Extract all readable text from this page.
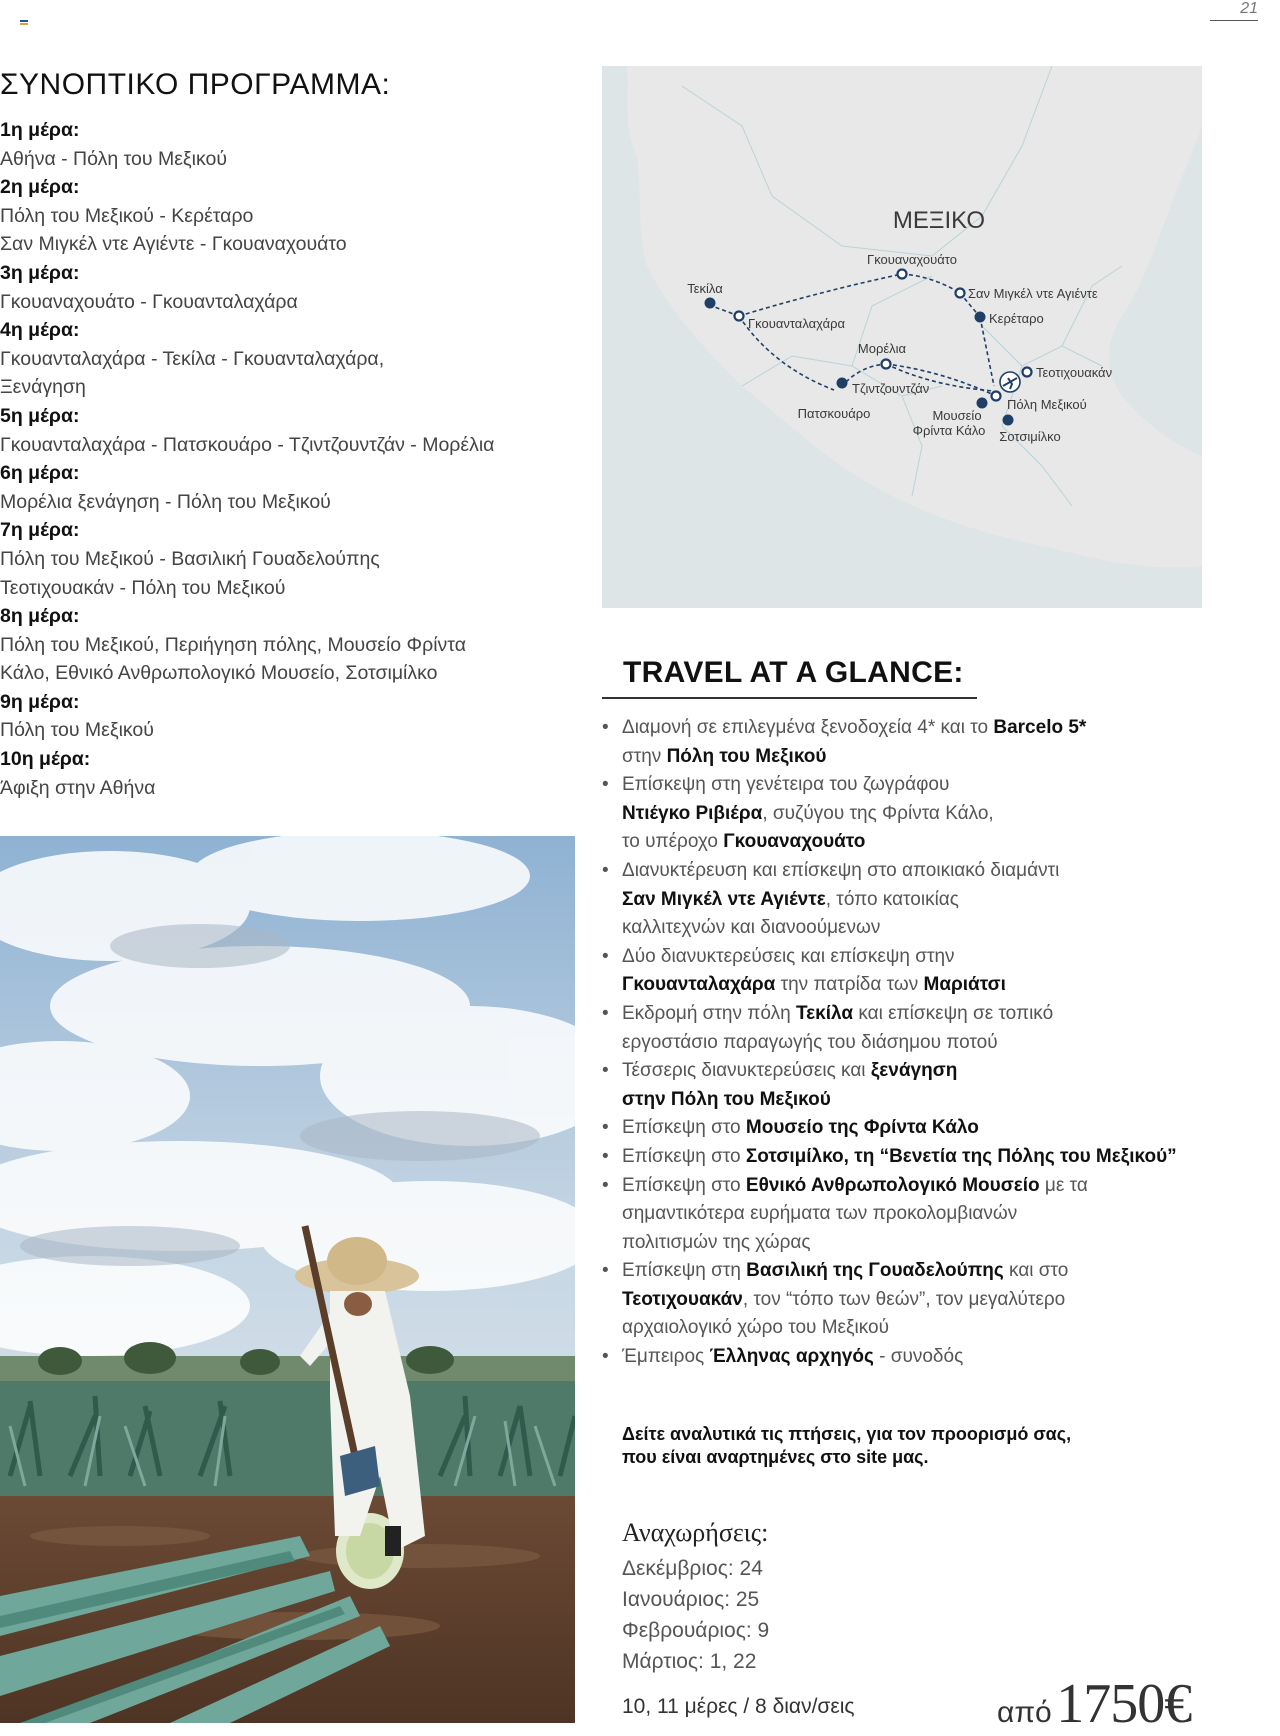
21
ΣΥΝΟΠΤΙΚΟ ΠΡΟΓΡΑΜΜΑ:
1η μέρα:
Αθήνα - Πόλη του Μεξικού
2η μέρα:
Πόλη του Μεξικού - Κερέταρο
Σαν Μιγκέλ ντε Αγιέντε - Γκουαναχουάτο
3η μέρα:
Γκουαναχουάτο - Γκουανταλαχάρα
4η μέρα:
Γκουανταλαχάρα - Τεκίλα - Γκουανταλαχάρα,
Ξενάγηση
5η μέρα:
Γκουανταλαχάρα - Πατσκουάρο - Τζιντζουντζάν - Μορέλια
6η μέρα:
Μορέλια ξενάγηση - Πόλη του Μεξικού
7η μέρα:
Πόλη του Μεξικού - Βασιλική Γουαδελούπης
Τεοτιχουακάν - Πόλη του Μεξικού
8η μέρα:
Πόλη του Μεξικού, Περιήγηση πόλης, Μουσείο Φρίντα
Κάλο, Εθνικό Ανθρωπολογικό Μουσείο, Σοτσιμίλκο
9η μέρα:
Πόλη του Μεξικού
10η μέρα:
Άφιξη στην Αθήνα
ΜΕΞΙΚΟ
Τεκίλα
Γκουανταλαχάρα
Γκουαναχουάτο
Σαν Μιγκέλ ντε Αγιέντε
Κερέταρο
Μορέλια
Τζιντζουντζάν
Πατσκουάρο
Τεοτιχουακάν
Πόλη Μεξικού
Μουσείο
Φρίντα Κάλο Σοτσιμίλκο
TRAVEL AT A GLANCE:
• Διαμονή σε επιλεγμένα ξενοδοχεία 4* και το Barcelo 5*
στην Πόλη του Μεξικού
• Επίσκεψη στη γενέτειρα του ζωγράφου
Ντιέγκο Ριβιέρα, συζύγου της Φρίντα Κάλο,
το υπέροχο Γκουαναχουάτο
• Διανυκτέρευση και επίσκεψη στο αποικιακό διαμάντι
Σαν Μιγκέλ ντε Αγιέντε, τόπο κατοικίας
καλλιτεχνών και διανοούμενων
• Δύο διανυκτερεύσεις και επίσκεψη στην
Γκουανταλαχάρα την πατρίδα των Μαριάτσι
• Εκδρομή στην πόλη Τεκίλα και επίσκεψη σε τοπικό
εργοστάσιο παραγωγής του διάσημου ποτού
• Τέσσερις διανυκτερεύσεις και ξενάγηση
στην Πόλη του Μεξικού
• Επίσκεψη στο Μουσείο της Φρίντα Κάλο
• Επίσκεψη στο Σοτσιμίλκο, τη “Βενετία της Πόλης του Μεξικού”
• Επίσκεψη στο Εθνικό Ανθρωπολογικό Μουσείο με τα
σημαντικότερα ευρήματα των προκολομβιανών
πολιτισμών της χώρας
• Επίσκεψη στη Βασιλική της Γουαδελούπης και στο
Τεοτιχουακάν, τον “τόπο των θεών”, τον μεγαλύτερο
αρχαιολογικό χώρο του Μεξικού
• Έμπειρος Έλληνας αρχηγός - συνοδός
Δείτε αναλυτικά τις πτήσεις, για τον προορισμό σας,
που είναι αναρτημένες στο site μας.
Αναχωρήσεις:
Δεκέμβριος: 24
Ιανουάριος: 25
Φεβρουάριος: 9
Μάρτιος: 1, 22
10, 11 μέρες / 8 διαν/σεις	από 1750€
